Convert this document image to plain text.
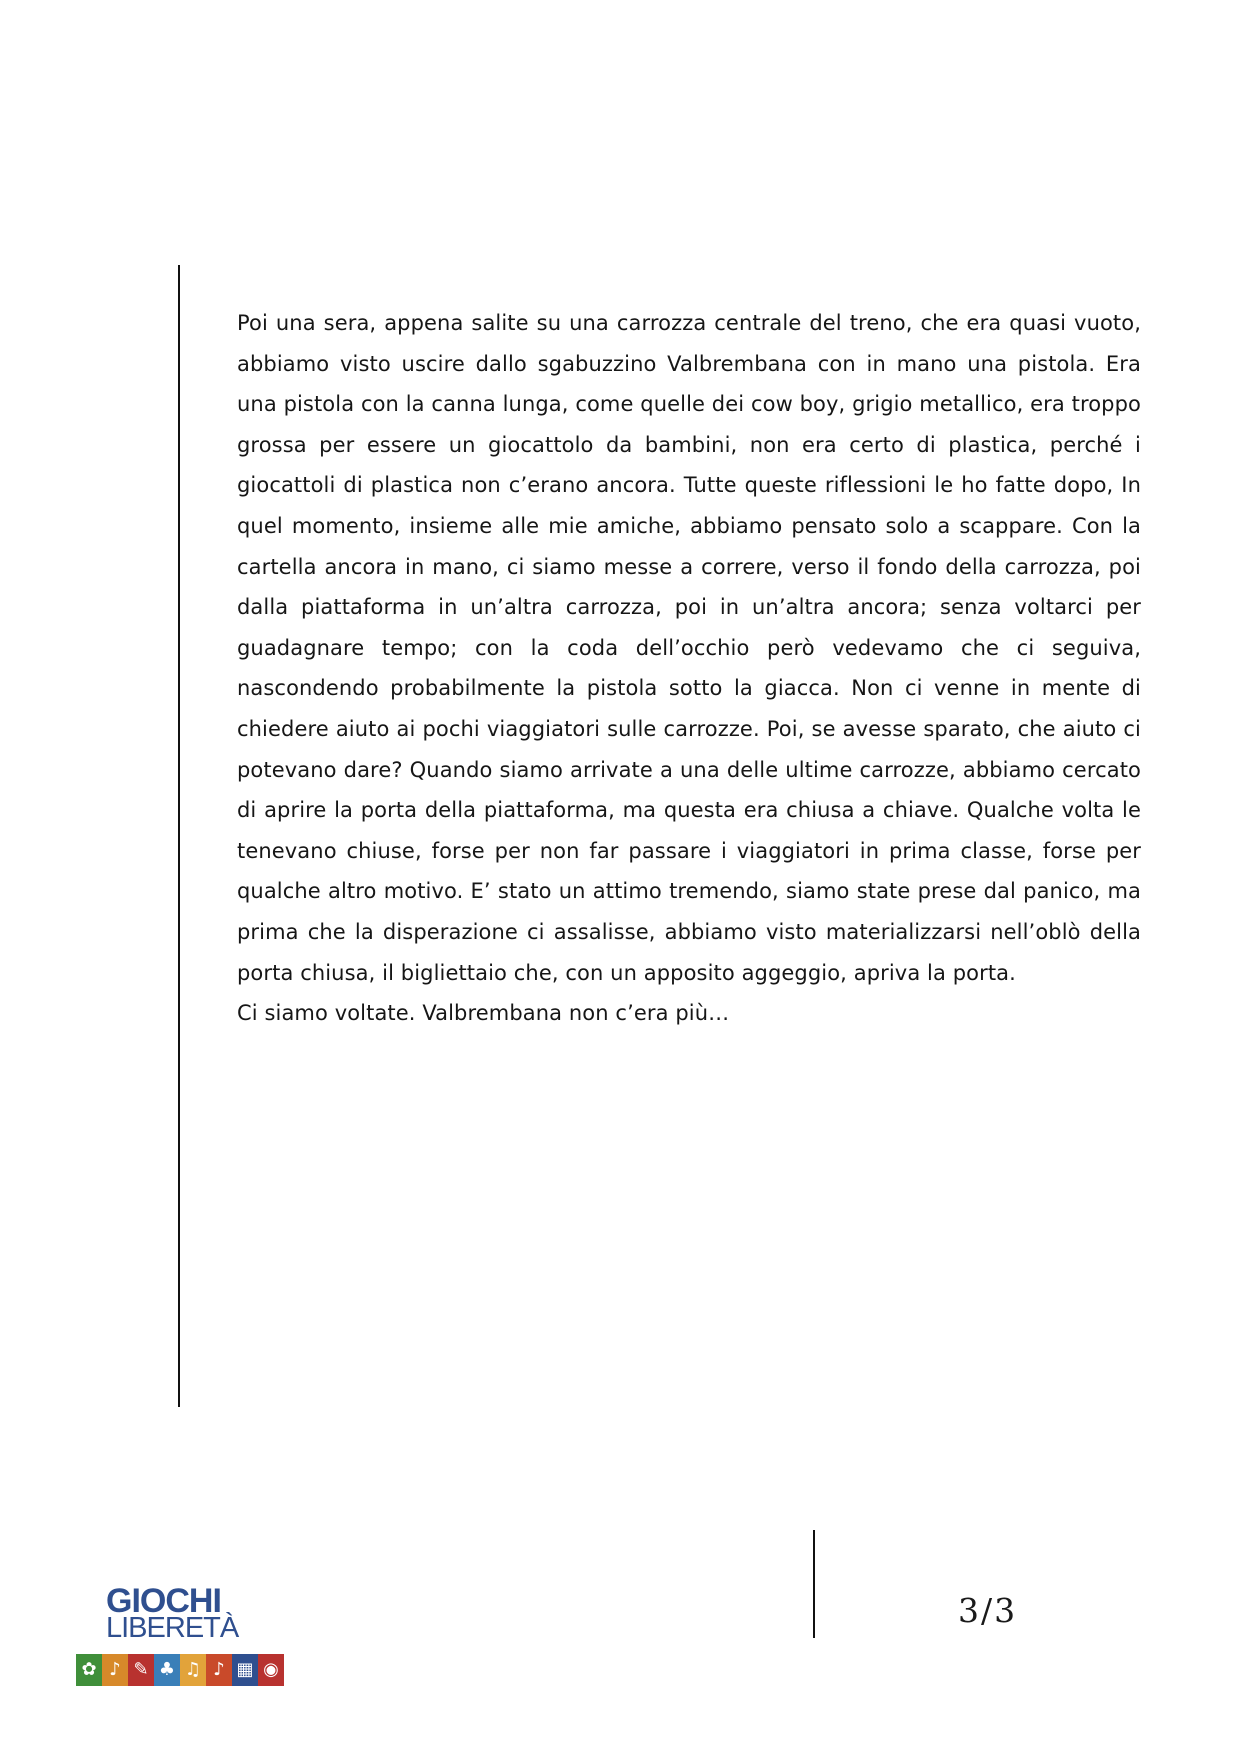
Poi una sera, appena salite su una carrozza centrale del treno, che era quasi vuoto, abbiamo visto uscire dallo sgabuzzino Valbrembana con in mano una pistola. Era una pistola con la canna lunga, come quelle dei cow boy, grigio metallico, era troppo grossa per essere un giocattolo da bambini, non era certo di plastica, perché i giocattoli di plastica non c’erano ancora. Tutte queste riflessioni le ho fatte dopo, In quel momento, insieme alle mie amiche, abbiamo pensato solo a scappare. Con la cartella ancora in mano, ci siamo messe a correre, verso il fondo della carrozza, poi dalla piattaforma in un’altra carrozza, poi in un’altra ancora; senza voltarci per guadagnare tempo; con la coda dell’occhio però vedevamo che ci seguiva, nascondendo probabilmente la pistola sotto la giacca. Non ci venne in mente di chiedere aiuto ai pochi viaggiatori sulle carrozze. Poi, se avesse sparato, che aiuto ci potevano dare? Quando siamo arrivate a una delle ultime carrozze, abbiamo cercato di aprire la porta della piattaforma, ma questa era chiusa a chiave. Qualche volta le tenevano chiuse, forse per non far passare i viaggiatori in prima classe, forse per qualche altro motivo. E’ stato un attimo tremendo, siamo state prese dal panico, ma prima che la disperazione ci assalisse, abbiamo visto materializzarsi nell’oblò della porta chiusa, il bigliettaio che, con un apposito aggeggio, apriva la porta.

Ci siamo voltate. Valbrembana non c’era più…

GIOCHI
LIBERETÀ
✿ ♪ ✎ ♣ ♫ ♪ ▦ ◉
3/3
